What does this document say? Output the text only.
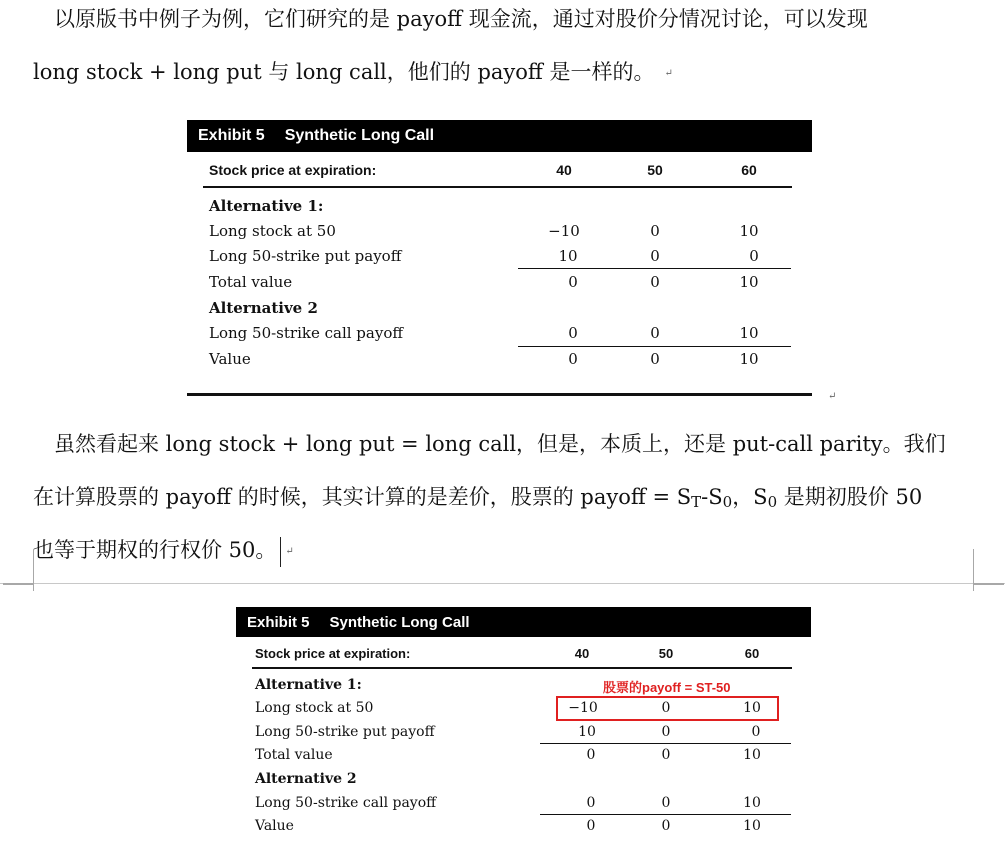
　以原版书中例子为例，它们研究的是 payoff 现金流，通过对股价分情况讨论，可以发现
long stock + long put 与 long call，他们的 payoff 是一样的。 ↵
Exhibit 5 Synthetic Long Call
Stock price at expiration:	40	50	60
Alternative 1:
Long stock at 50	−10	0	10
Long 50-strike put payoff	10	0	0
Total value	0	0	10
Alternative 2
Long 50-strike call payoff	0	0	10
Value	0	0	10
↵
　虽然看起来 long stock + long put = long call，但是，本质上，还是 put-call parity。我们
在计算股票的 payoff 的时候，其实计算的是差价，股票的 payoff = $S_T-S_0$，$S_0$ 是期初股价 50
也等于期权的行权价 50。 ↵
Exhibit 5 Synthetic Long Call
Stock price at expiration:	40	50	60
Alternative 1:
Long stock at 50	−10	0	10
Long 50-strike put payoff	10	0	0
Total value	0	0	10
Alternative 2
Long 50-strike call payoff	0	0	10
Value	0	0	10
股票的payoff = ST-50
